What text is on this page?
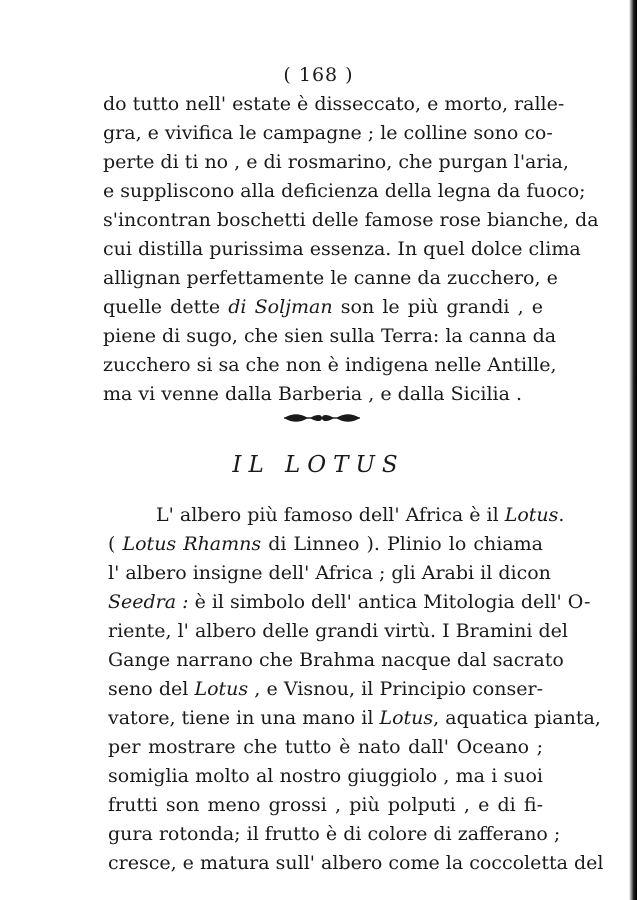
( 168 )
do tutto nell' estate è disseccato, e morto, ralle-
gra, e vivifica le campagne ; le colline sono co-
perte di ti no , e di rosmarino, che purgan l'aria,
e suppliscono alla deficienza della legna da fuoco;
s'incontran boschetti delle famose rose bianche, da
cui distilla purissima essenza. In quel dolce clima
allignan perfettamente le canne da zucchero, e
quelle dette di Soljman son le più grandi , e
piene di sugo, che sien sulla Terra: la canna da
zucchero si sa che non è indigena nelle Antille,
ma vi venne dalla Barberia , e dalla Sicilia .
IL LOTUS
L' albero più famoso dell' Africa è il Lotus.
( Lotus Rhamns di Linneo ). Plinio lo chiama
l' albero insigne dell' Africa ; gli Arabi il dicon
Seedra : è il simbolo dell' antica Mitologia dell' O-
riente, l' albero delle grandi virtù. I Bramini del
Gange narrano che Brahma nacque dal sacrato
seno del Lotus , e Visnou, il Principio conser-
vatore, tiene in una mano il Lotus, aquatica pianta,
per mostrare che tutto è nato dall' Oceano ;
somiglia molto al nostro giuggiolo , ma i suoi
frutti son meno grossi , più polputi , e di fi-
gura rotonda; il frutto è di colore di zafferano ;
cresce, e matura sull' albero come la coccoletta del
